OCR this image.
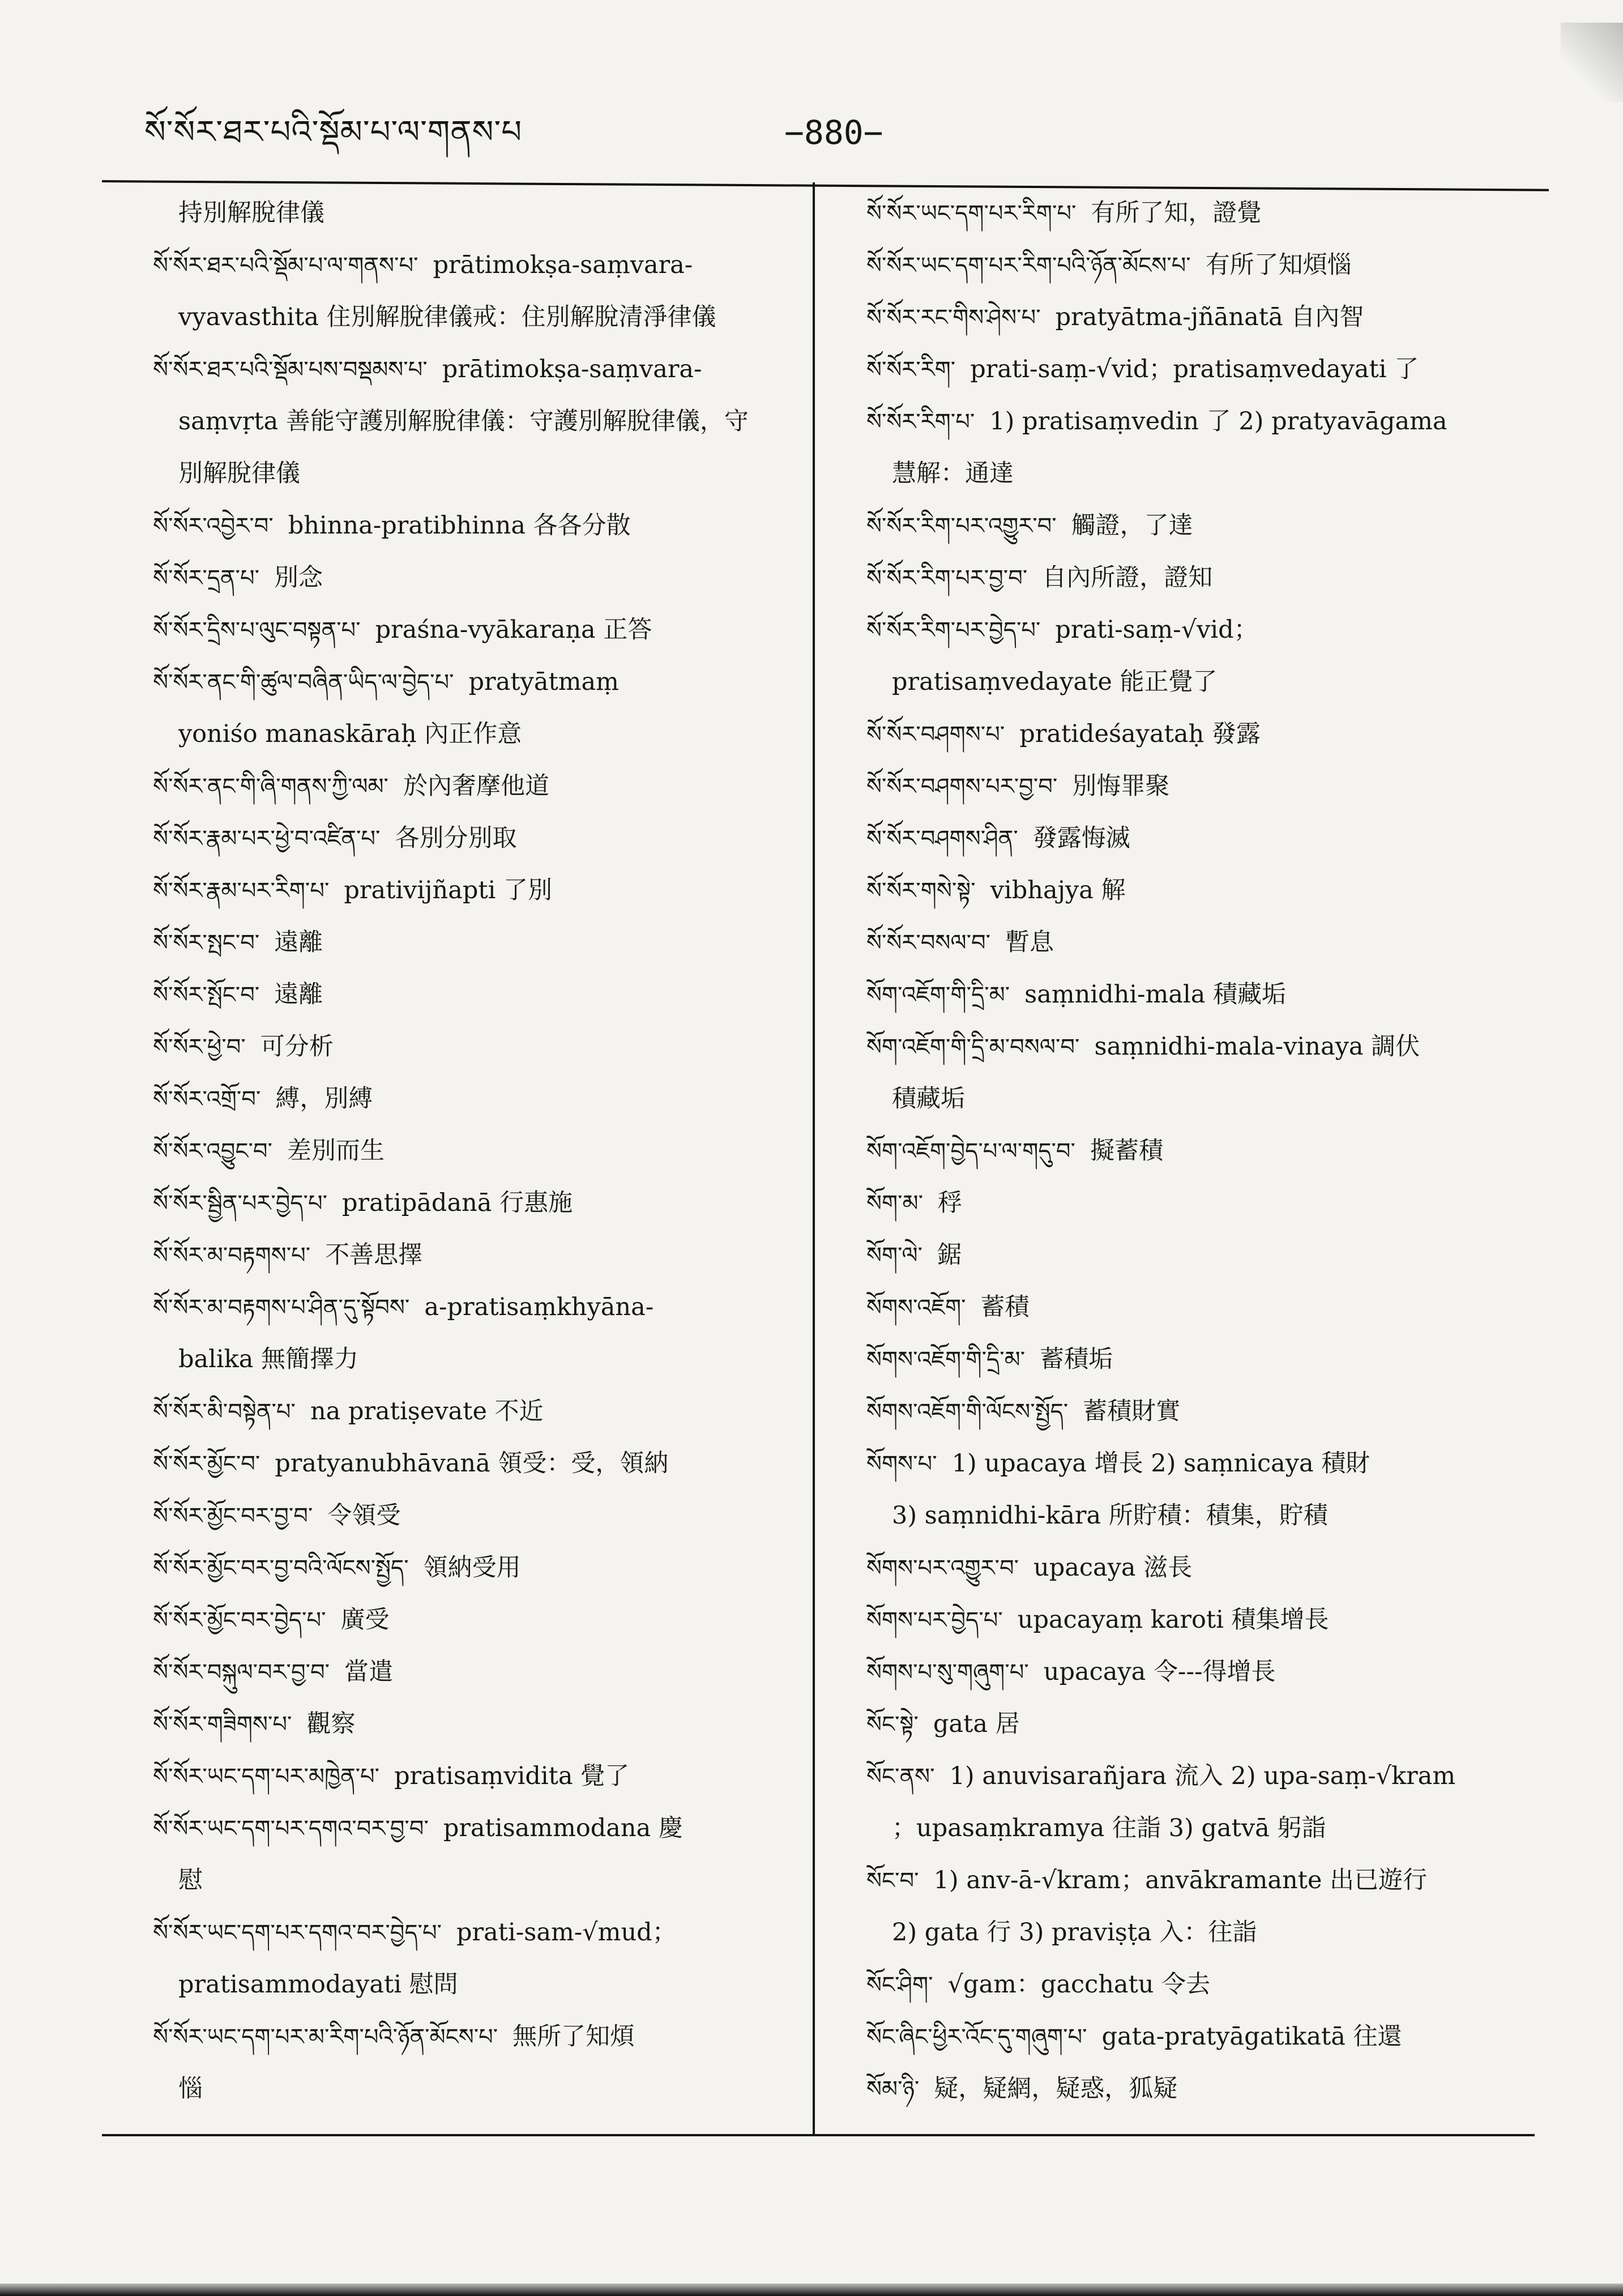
སོ་སོར་ཐར་པའི་སྡོམ་པ་ལ་གནས་པ	−880−
持別解脫律儀
སོ་སོར་ཐར་པའི་སྡོམ་པ་ལ་གནས་པ་ prātimokṣa-saṃvara-
vyavasthita 住別解脫律儀戒：住別解脫清淨律儀
སོ་སོར་ཐར་པའི་སྡོམ་པས་བསྡམས་པ་ prātimokṣa-saṃvara-
saṃvṛta 善能守護別解脫律儀：守護別解脫律儀，守
別解脫律儀
སོ་སོར་འབྱེར་བ་ bhinna-pratibhinna 各各分散
སོ་སོར་དྲན་པ་ 別念
སོ་སོར་དྲིས་པ་ལུང་བསྟན་པ་ praśna-vyākaraṇa 正答
སོ་སོར་ནང་གི་ཚུལ་བཞིན་ཡིད་ལ་བྱེད་པ་ pratyātmaṃ
yoniśo manaskāraḥ 內正作意
སོ་སོར་ནང་གི་ཞི་གནས་ཀྱི་ལམ་ 於內奢摩他道
སོ་སོར་རྣམ་པར་ཕྱེ་བ་འཛིན་པ་ 各別分別取
སོ་སོར་རྣམ་པར་རིག་པ་ prativijñapti 了別
སོ་སོར་སྤང་བ་ 遠離
སོ་སོར་སྤོང་བ་ 遠離
སོ་སོར་ཕྱེ་བ་ 可分析
སོ་སོར་འགྲོ་བ་ 縛，別縛
སོ་སོར་འབྱུང་བ་ 差別而生
སོ་སོར་སྦྱིན་པར་བྱེད་པ་ pratipādanā 行惠施
སོ་སོར་མ་བརྟགས་པ་ 不善思擇
སོ་སོར་མ་བརྟགས་པ་ཤིན་དུ་སྟོབས་ a-pratisaṃkhyāna-
balika 無簡擇力
སོ་སོར་མི་བསྟེན་པ་ na pratiṣevate 不近
སོ་སོར་མྱོང་བ་ pratyanubhāvanā 領受：受，領納
སོ་སོར་མྱོང་བར་བྱ་བ་ 令領受
སོ་སོར་མྱོང་བར་བྱ་བའི་ལོངས་སྤྱོད་ 領納受用
སོ་སོར་མྱོང་བར་བྱེད་པ་ 廣受
སོ་སོར་བསྐུལ་བར་བྱ་བ་ 當遣
སོ་སོར་གཟིགས་པ་ 觀察
སོ་སོར་ཡང་དག་པར་མཁྱེན་པ་ pratisaṃvidita 覺了
སོ་སོར་ཡང་དག་པར་དགའ་བར་བྱ་བ་ pratisammodana 慶
慰
སོ་སོར་ཡང་དག་པར་དགའ་བར་བྱེད་པ་ prati-sam-√mud；
pratisammodayati 慰問
སོ་སོར་ཡང་དག་པར་མ་རིག་པའི་ཉོན་མོངས་པ་ 無所了知煩
惱
སོ་སོར་ཡང་དག་པར་རིག་པ་ 有所了知，證覺
སོ་སོར་ཡང་དག་པར་རིག་པའི་ཉོན་མོངས་པ་ 有所了知煩惱
སོ་སོར་རང་གིས་ཤེས་པ་ pratyātma-jñānatā 自內智
སོ་སོར་རིག་ prati-saṃ-√vid；pratisaṃvedayati 了
སོ་སོར་རིག་པ་ 1) pratisaṃvedin 了 2) pratyavāgama
慧解：通達
སོ་སོར་རིག་པར་འགྱུར་བ་ 觸證，了達
སོ་སོར་རིག་པར་བྱ་བ་ 自內所證，證知
སོ་སོར་རིག་པར་བྱེད་པ་ prati-saṃ-√vid；
pratisaṃvedayate 能正覺了
སོ་སོར་བཤགས་པ་ pratideśayataḥ 發露
སོ་སོར་བཤགས་པར་བྱ་བ་ 別悔罪聚
སོ་སོར་བཤགས་ཤིན་ 發露悔滅
སོ་སོར་གསེ་སྟེ་ vibhajya 解
སོ་སོར་བསལ་བ་ 暫息
སོག་འཇོག་གི་དྲི་མ་ saṃnidhi-mala 積藏垢
སོག་འཇོག་གི་དྲི་མ་བསལ་བ་ saṃnidhi-mala-vinaya 調伏
積藏垢
སོག་འཇོག་བྱེད་པ་ལ་གདུ་བ་ 擬蓄積
སོག་མ་ 稃
སོག་ལེ་ 鋸
སོགས་འཇོག་ 蓄積
སོགས་འཇོག་གི་དྲི་མ་ 蓄積垢
སོགས་འཇོག་གི་ལོངས་སྤྱོད་ 蓄積財實
སོགས་པ་ 1) upacaya 增長 2) saṃnicaya 積財
3) saṃnidhi-kāra 所貯積：積集，貯積
སོགས་པར་འགྱུར་བ་ upacaya 滋長
སོགས་པར་བྱེད་པ་ upacayaṃ karoti 積集增長
སོགས་པ་སུ་གཞུག་པ་ upacaya 令---得增長
སོང་སྟེ་ gata 居
སོང་ནས་ 1) anuvisarañjara 流入 2) upa-saṃ-√kram
；upasaṃkramya 往詣 3) gatvā 躬詣
སོང་བ་ 1) anv-ā-√kram；anvākramante 出已遊行
2) gata 行 3) praviṣṭa 入：往詣
སོང་ཤིག་ √gam：gacchatu 令去
སོང་ཞིང་ཕྱིར་འོང་དུ་གཞུག་པ་ gata-pratyāgatikatā 往還
སོམ་ཉི་ 疑，疑網，疑惑，狐疑
